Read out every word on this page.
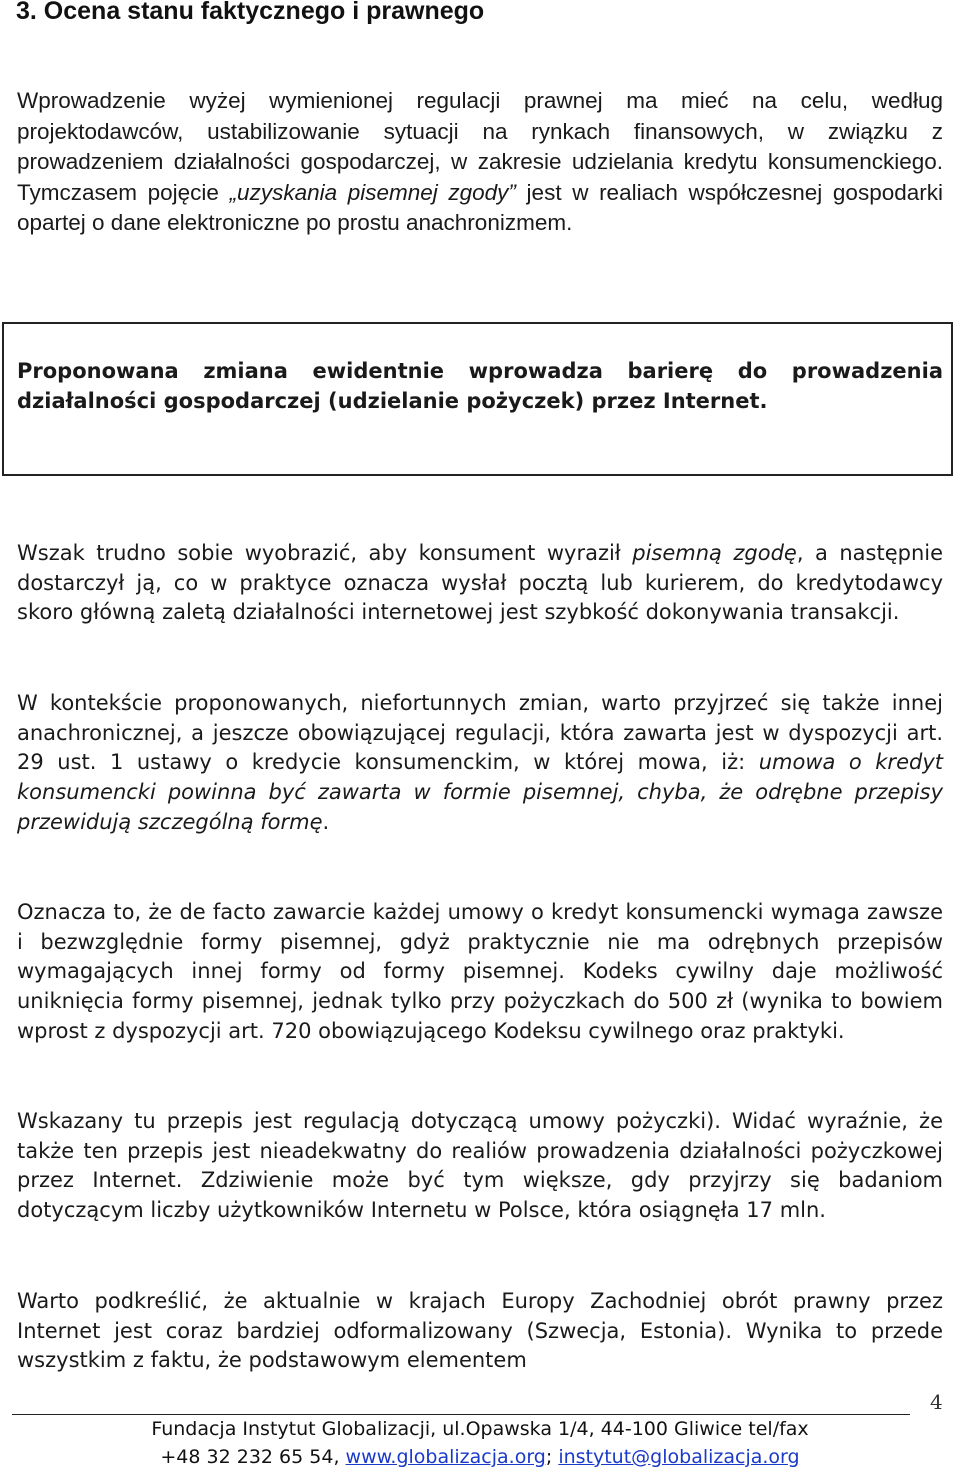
3. Ocena stanu faktycznego i prawnego

Wprowadzenie wyżej wymienionej regulacji prawnej ma mieć na celu, według projektodawców, ustabilizowanie sytuacji na rynkach finansowych, w związku z prowadzeniem działalności gospodarczej, w zakresie udzielania kredytu konsumenckiego. Tymczasem pojęcie „uzyskania pisemnej zgody” jest w realiach współczesnej gospodarki opartej o dane elektroniczne po prostu anachronizmem.

Proponowana zmiana ewidentnie wprowadza barierę do prowadzenia działalności gospodarczej (udzielanie pożyczek) przez Internet.

Wszak trudno sobie wyobrazić, aby konsument wyraził pisemną zgodę, a następnie dostarczył ją, co w praktyce oznacza wysłał pocztą lub kurierem, do kredytodawcy skoro główną zaletą działalności internetowej jest szybkość dokonywania transakcji.

W kontekście proponowanych, niefortunnych zmian, warto przyjrzeć się także innej anachronicznej, a jeszcze obowiązującej regulacji, która zawarta jest w dyspozycji art. 29 ust. 1 ustawy o kredycie konsumenckim, w której mowa, iż: umowa o kredyt konsumencki powinna być zawarta w formie pisemnej, chyba, że odrębne przepisy przewidują szczególną formę.

Oznacza to, że de facto zawarcie każdej umowy o kredyt konsumencki wymaga zawsze i bezwzględnie formy pisemnej, gdyż praktycznie nie ma odrębnych przepisów wymagających innej formy od formy pisemnej. Kodeks cywilny daje możliwość uniknięcia formy pisemnej, jednak tylko przy pożyczkach do 500 zł (wynika to bowiem wprost z dyspozycji art. 720 obowiązującego Kodeksu cywilnego oraz praktyki.

Wskazany tu przepis jest regulacją dotyczącą umowy pożyczki). Widać wyraźnie, że także ten przepis jest nieadekwatny do realiów prowadzenia działalności pożyczkowej przez Internet. Zdziwienie może być tym większe, gdy przyjrzy się badaniom dotyczącym liczby użytkowników Internetu w Polsce, która osiągnęła 17 mln.

Warto podkreślić, że aktualnie w krajach Europy Zachodniej obrót prawny przez Internet jest coraz bardziej odformalizowany (Szwecja, Estonia). Wynika to przede wszystkim z faktu, że podstawowym elementem

4
Fundacja Instytut Globalizacji, ul.Opawska 1/4, 44-100 Gliwice tel/fax
+48 32 232 65 54, www.globalizacja.org; instytut@globalizacja.org
